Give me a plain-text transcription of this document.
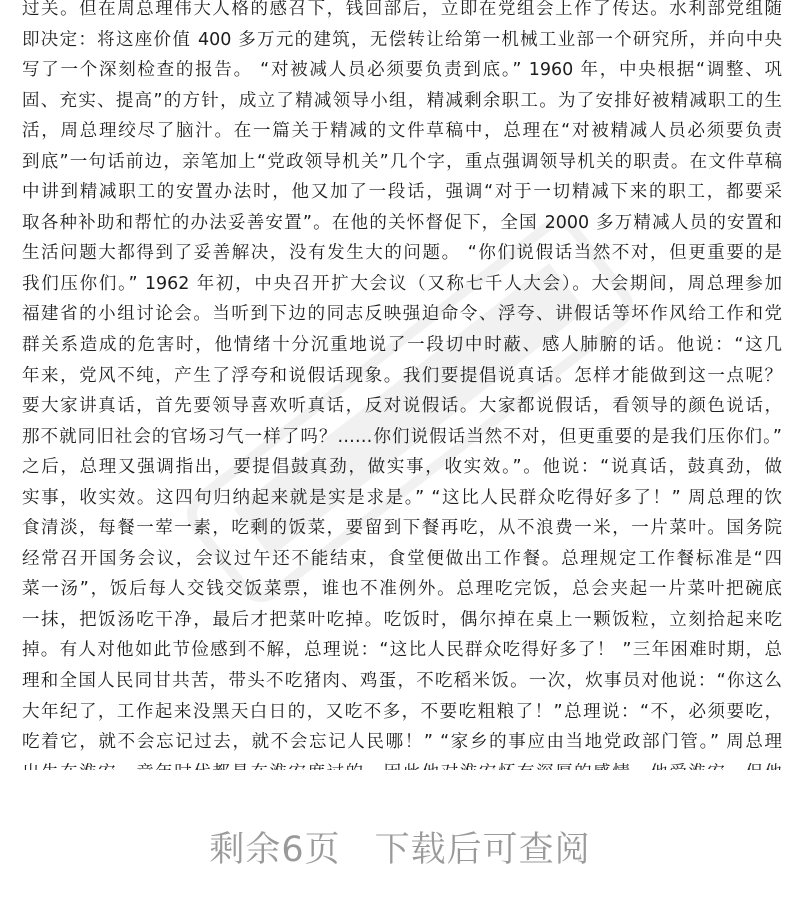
过关。但在周总理伟大人格的感召下，钱回部后，立即在党组会上作了传达。水利部党组随
即决定：将这座价值 400 多万元的建筑，无偿转让给第一机械工业部一个研究所，并向中央
写了一个深刻检查的报告。 “对被减人员必须要负责到底。” 1960 年，中央根据“调整、巩
固、充实、提高”的方针，成立了精减领导小组，精减剩余职工。为了安排好被精减职工的生
活，周总理绞尽了脑汁。在一篇关于精减的文件草稿中，总理在“对被精减人员必须要负责
到底”一句话前边，亲笔加上“党政领导机关”几个字，重点强调领导机关的职责。在文件草稿
中讲到精减职工的安置办法时，他又加了一段话，强调“对于一切精减下来的职工，都要采
取各种补助和帮忙的办法妥善安置”。在他的关怀督促下，全国 2000 多万精减人员的安置和
生活问题大都得到了妥善解决，没有发生大的问题。 “你们说假话当然不对，但更重要的是
我们压你们。” 1962 年初，中央召开扩大会议（又称七千人大会）。大会期间，周总理参加
福建省的小组讨论会。当听到下边的同志反映强迫命令、浮夸、讲假话等坏作风给工作和党
群关系造成的危害时，他情绪十分沉重地说了一段切中时蔽、感人肺腑的话。他说：“这几
年来，党风不纯，产生了浮夸和说假话现象。我们要提倡说真话。怎样才能做到这一点呢？
要大家讲真话，首先要领导喜欢听真话，反对说假话。大家都说假话，看领导的颜色说话，
那不就同旧社会的官场习气一样了吗？……你们说假话当然不对，但更重要的是我们压你们。”
之后，总理又强调指出，要提倡鼓真劲，做实事，收实效。”。他说：“说真话，鼓真劲，做
实事，收实效。这四句归纳起来就是实是求是。” “这比人民群众吃得好多了！” 周总理的饮
食清淡，每餐一荤一素，吃剩的饭菜，要留到下餐再吃，从不浪费一米，一片菜叶。国务院
经常召开国务会议，会议过午还不能结束，食堂便做出工作餐。总理规定工作餐标准是“四
菜一汤”，饭后每人交钱交饭菜票，谁也不准例外。总理吃完饭，总会夹起一片菜叶把碗底
一抹，把饭汤吃干净，最后才把菜叶吃掉。吃饭时，偶尔掉在桌上一颗饭粒，立刻拾起来吃
掉。有人对他如此节俭感到不解，总理说：“这比人民群众吃得好多了！ ”三年困难时期，总
理和全国人民同甘共苦，带头不吃猪肉、鸡蛋，不吃稻米饭。一次，炊事员对他说：“你这么
大年纪了，工作起来没黑天白日的，又吃不多，不要吃粗粮了！”总理说：“不，必须要吃，
吃着它，就不会忘记过去，就不会忘记人民哪！” “家乡的事应由当地党政部门管。” 周总理
剩余6页 下载后可查阅
